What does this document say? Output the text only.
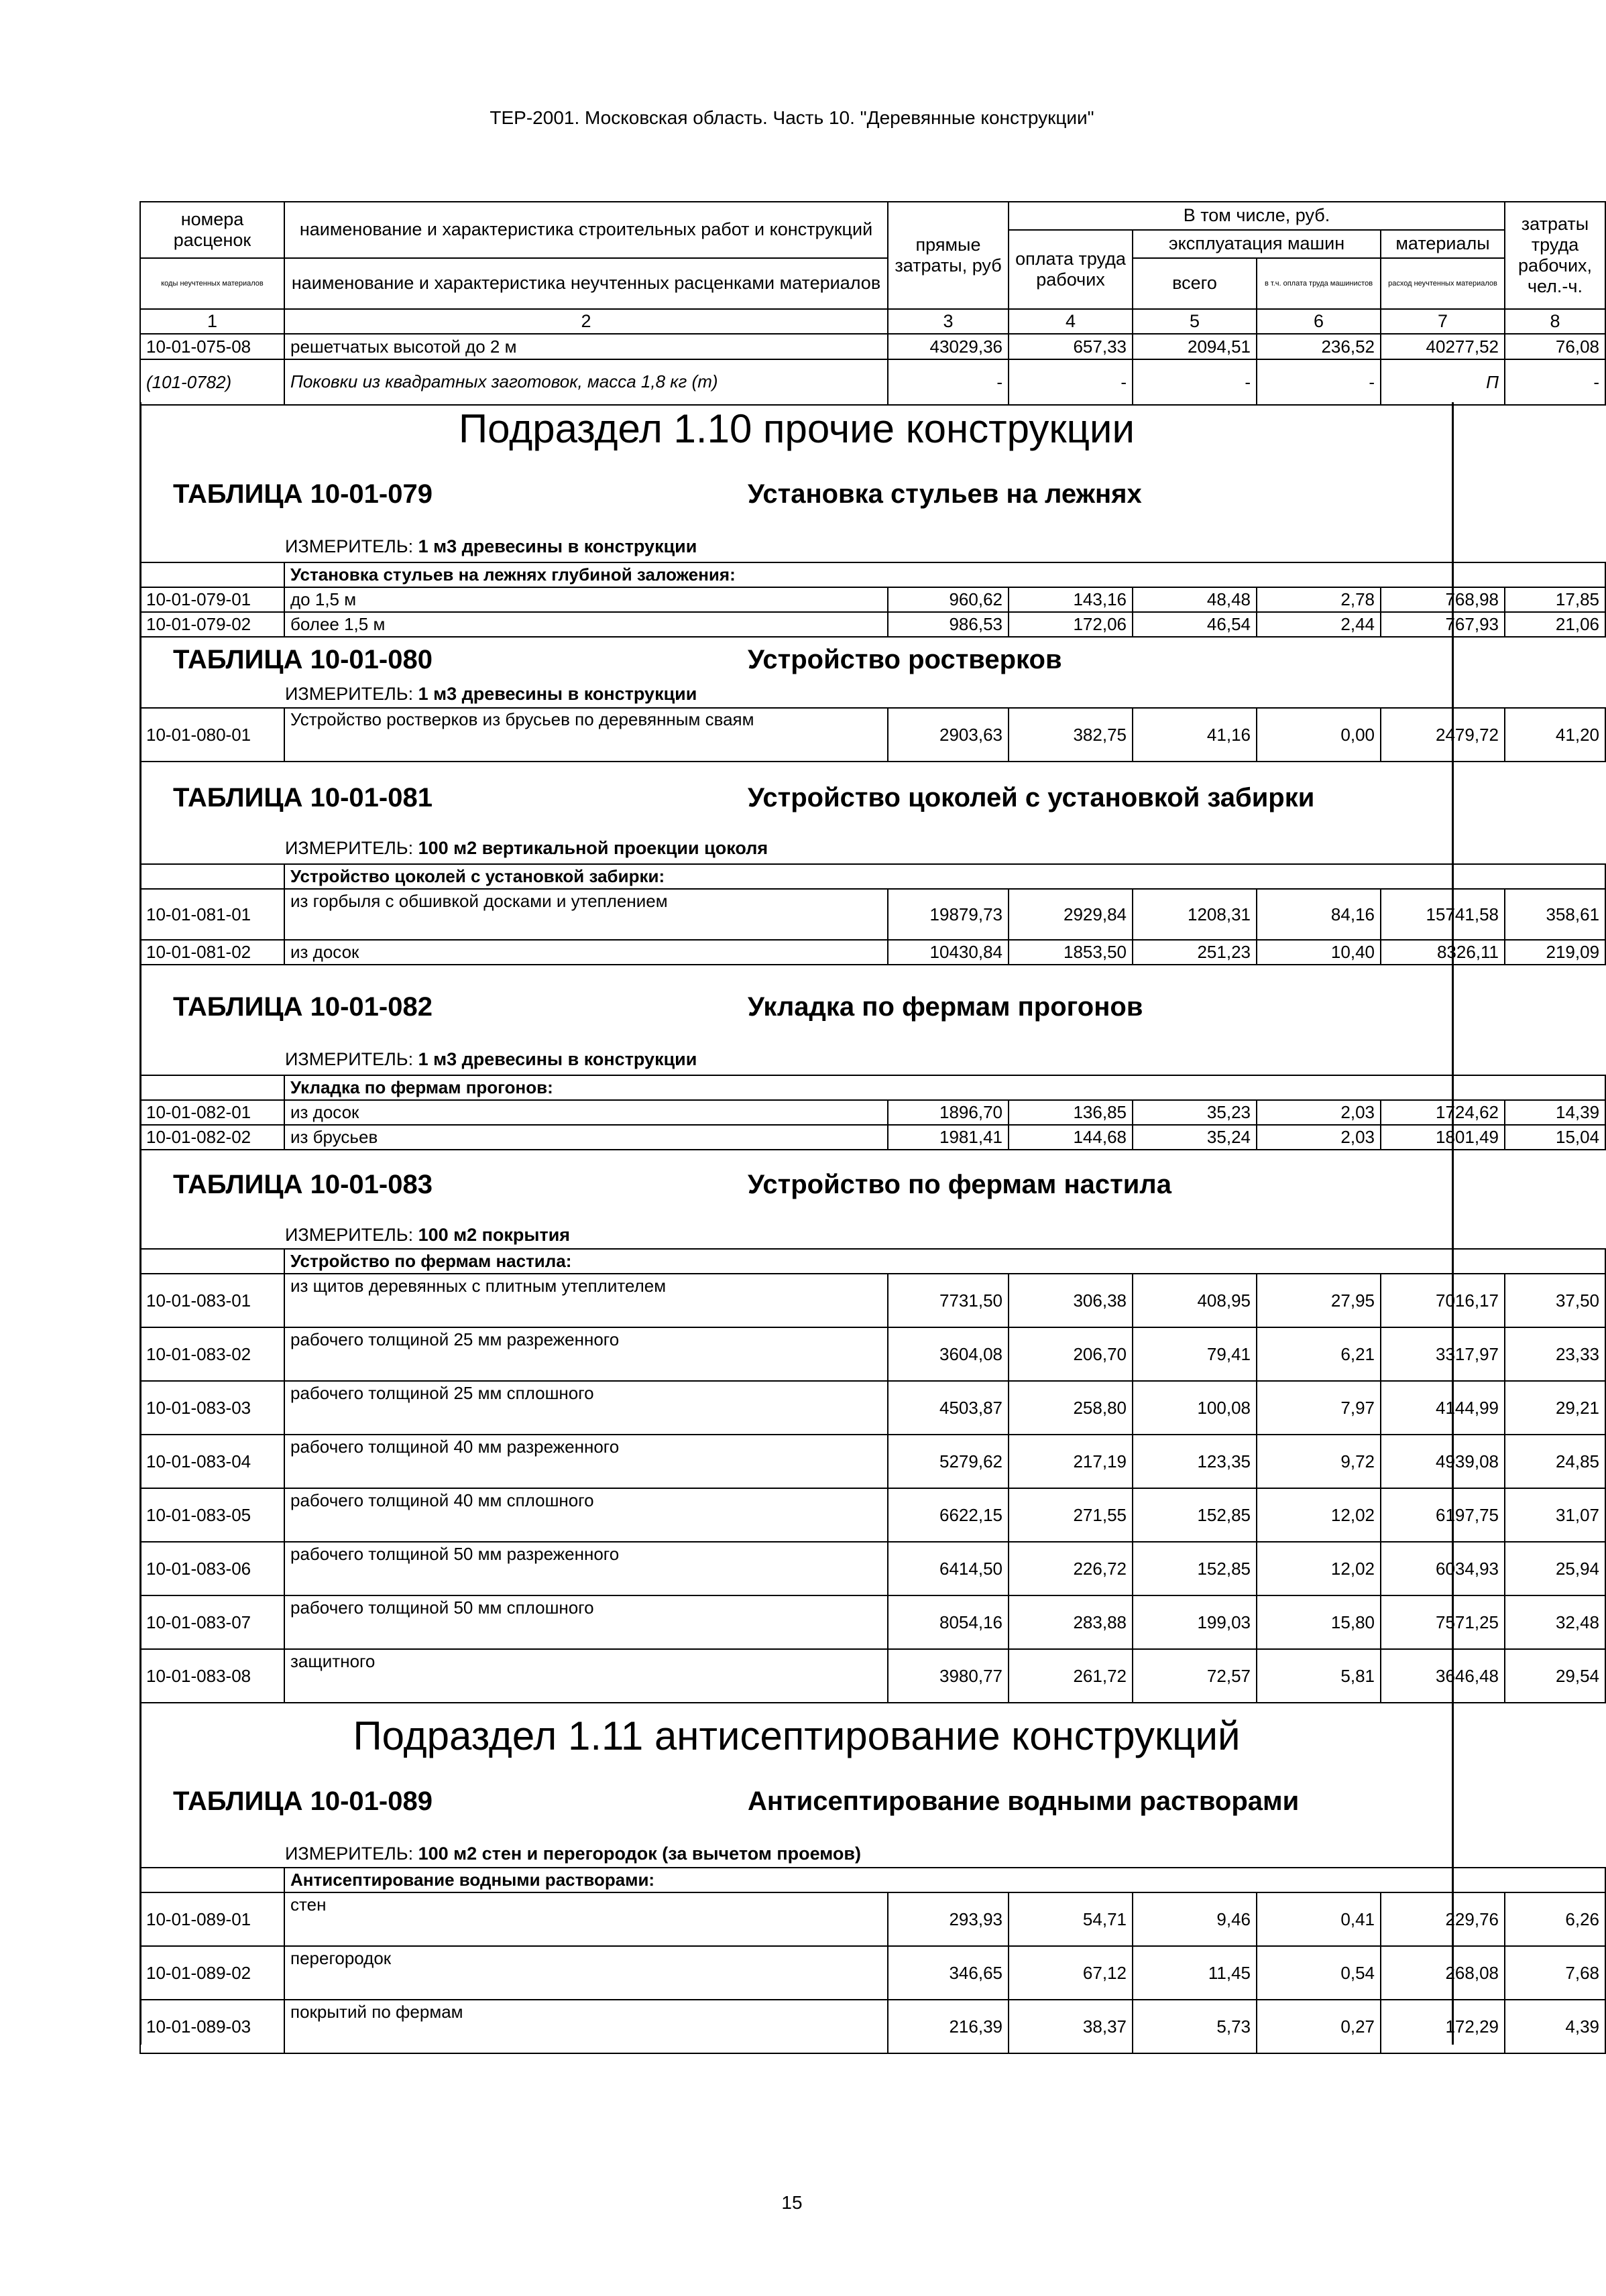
ТЕР-2001. Московская область. Часть 10. "Деревянные конструкции"
номера расценок	наименование и характеристика строительных работ и конструкций	прямые затраты, руб	В том числе, руб.				затраты труда рабочих, чел.-ч.
			оплата труда рабочих	эксплуатация машин		материалы	
коды неучтенных материалов	наименование и характеристика неучтенных расценками материалов			всего	в т.ч. оплата труда машинистов	расход неучтенных материалов	

1	2	3	4	5	6	7	8
10-01-075-08	решетчатых высотой до 2 м	43029,36	657,33	2094,51	236,52	40277,52	76,08
(101-0782)	Поковки из квадратных заготовок, масса 1,8 кг (т)	-	-	-	-	П	-
Подраздел 1.10 прочие конструкции
ТАБЛИЦА 10-01-079	Установка стульев на лежнях
ИЗМЕРИТЕЛЬ: 1 м3 древесины в конструкции
	Установка стульев на лежнях глубиной заложения:						
10-01-079-01	до 1,5 м	960,62	143,16	48,48	2,78	768,98	17,85
10-01-079-02	более 1,5 м	986,53	172,06	46,54	2,44	767,93	21,06
ТАБЛИЦА 10-01-080	Устройство ростверков
ИЗМЕРИТЕЛЬ: 1 м3 древесины в конструкции
10-01-080-01	Устройство ростверков из брусьев по деревянным сваям	2903,63	382,75	41,16	0,00	2479,72	41,20
ТАБЛИЦА 10-01-081	Устройство цоколей с установкой забирки
ИЗМЕРИТЕЛЬ: 100 м2 вертикальной проекции цоколя
	Устройство цоколей с установкой забирки:						
10-01-081-01	из горбыля с обшивкой досками и утеплением	19879,73	2929,84	1208,31	84,16	15741,58	358,61
10-01-081-02	из досок	10430,84	1853,50	251,23	10,40	8326,11	219,09
ТАБЛИЦА 10-01-082	Укладка по фермам прогонов
ИЗМЕРИТЕЛЬ: 1 м3 древесины в конструкции
	Укладка по фермам прогонов:						
10-01-082-01	из досок	1896,70	136,85	35,23	2,03	1724,62	14,39
10-01-082-02	из брусьев	1981,41	144,68	35,24	2,03	1801,49	15,04
ТАБЛИЦА 10-01-083	Устройство по фермам настила
ИЗМЕРИТЕЛЬ: 100 м2 покрытия
	Устройство по фермам настила:						
10-01-083-01	из щитов деревянных с плитным утеплителем	7731,50	306,38	408,95	27,95	7016,17	37,50
10-01-083-02	рабочего толщиной 25 мм разреженного	3604,08	206,70	79,41	6,21	3317,97	23,33
10-01-083-03	рабочего толщиной 25 мм сплошного	4503,87	258,80	100,08	7,97	4144,99	29,21
10-01-083-04	рабочего толщиной 40 мм разреженного	5279,62	217,19	123,35	9,72	4939,08	24,85
10-01-083-05	рабочего толщиной 40 мм сплошного	6622,15	271,55	152,85	12,02	6197,75	31,07
10-01-083-06	рабочего толщиной 50 мм разреженного	6414,50	226,72	152,85	12,02	6034,93	25,94
10-01-083-07	рабочего толщиной 50 мм сплошного	8054,16	283,88	199,03	15,80	7571,25	32,48
10-01-083-08	защитного	3980,77	261,72	72,57	5,81	3646,48	29,54
Подраздел 1.11 антисептирование конструкций
ТАБЛИЦА 10-01-089	Антисептирование водными растворами
ИЗМЕРИТЕЛЬ: 100 м2 стен и перегородок (за вычетом проемов)
	Антисептирование водными растворами:						
10-01-089-01	стен	293,93	54,71	9,46	0,41	229,76	6,26
10-01-089-02	перегородок	346,65	67,12	11,45	0,54	268,08	7,68
10-01-089-03	покрытий по фермам	216,39	38,37	5,73	0,27	172,29	4,39
15
